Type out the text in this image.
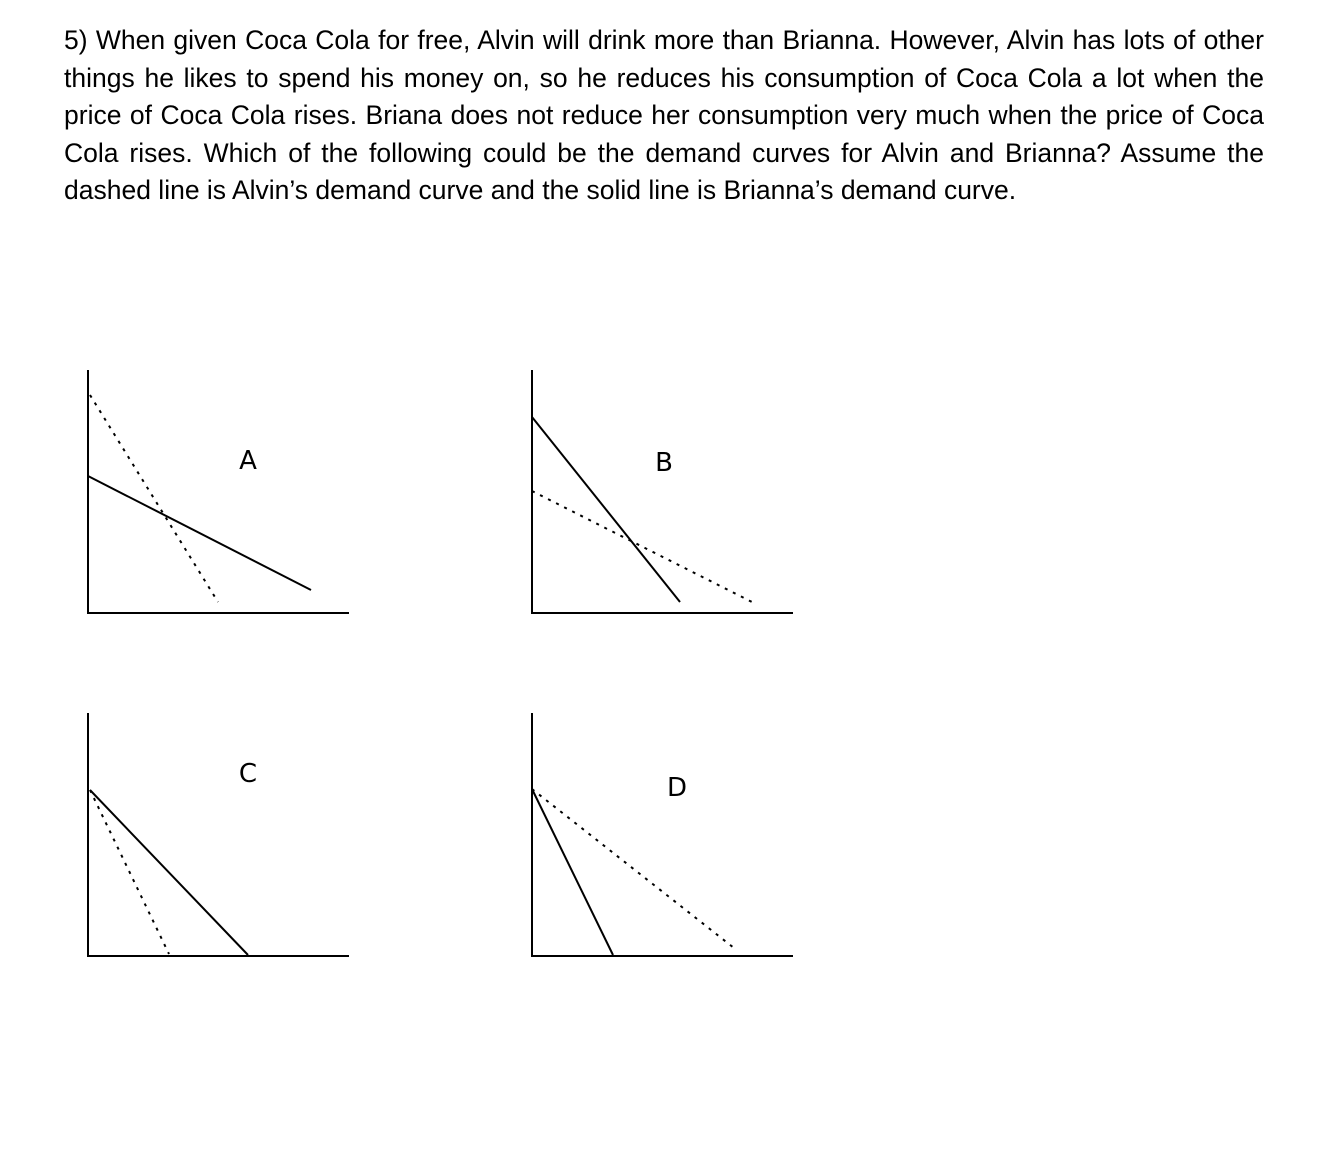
5) When given Coca Cola for free, Alvin will drink more than Brianna. However, Alvin has lots of other things he likes to spend his money on, so he reduces his consumption of Coca Cola a lot when the price of Coca Cola rises. Briana does not reduce her consumption very much when the price of Coca Cola rises. Which of the following could be the demand curves for Alvin and Brianna? Assume the dashed line is Alvin’s demand curve and the solid line is Brianna’s demand curve.

A	B
C	D
